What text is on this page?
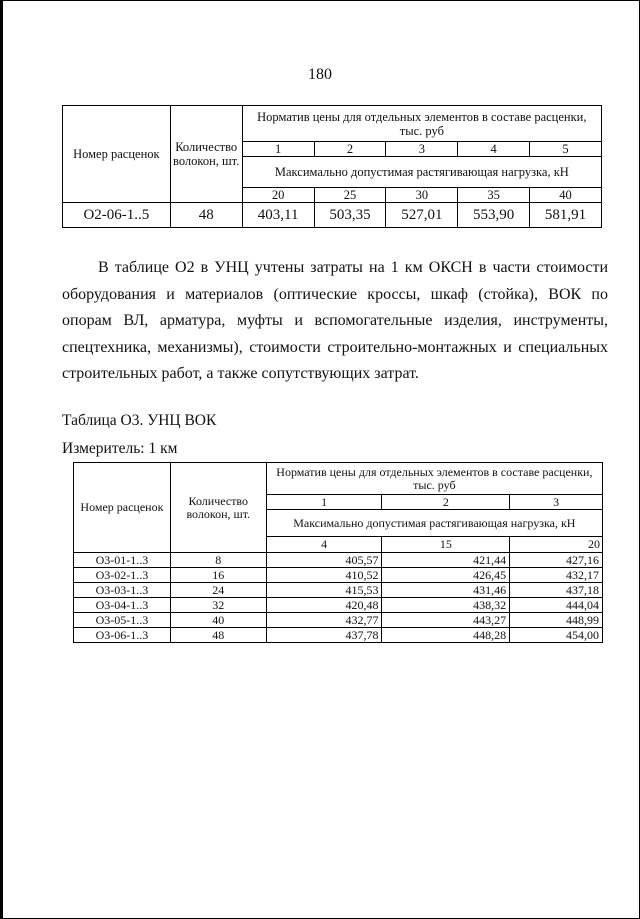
180
Номер расценок	Количество волокон, шт.	Норматив цены для отдельных элементов в составе расценки, тыс. руб				
		1	2	3	4	5
		Максимально допустимая растягивающая нагрузка, кН				
		20	25	30	35	40
О2-06-1..5	48	403,11	503,35	527,01	553,90	581,91

В таблице О2 в УНЦ учтены затраты на 1 км ОКСН в части стоимости оборудования и материалов (оптические кроссы, шкаф (стойка), ВОК по опорам ВЛ, арматура, муфты и вспомогательные изделия, инструменты, спецтехника, механизмы), стоимости строительно-монтажных и специальных строительных работ, а также сопутствующих затрат.

Таблица О3. УНЦ ВОК
Измеритель: 1 км
Номер расценок	Количество волокон, шт.	Норматив цены для отдельных элементов в составе расценки, тыс. руб		
		1	2	3
		Максимально допустимая растягивающая нагрузка, кН		
		4	15	20
О3-01-1..3	8	405,57	421,44	427,16
О3-02-1..3	16	410,52	426,45	432,17
О3-03-1..3	24	415,53	431,46	437,18
О3-04-1..3	32	420,48	438,32	444,04
О3-05-1..3	40	432,77	443,27	448,99
О3-06-1..3	48	437,78	448,28	454,00
